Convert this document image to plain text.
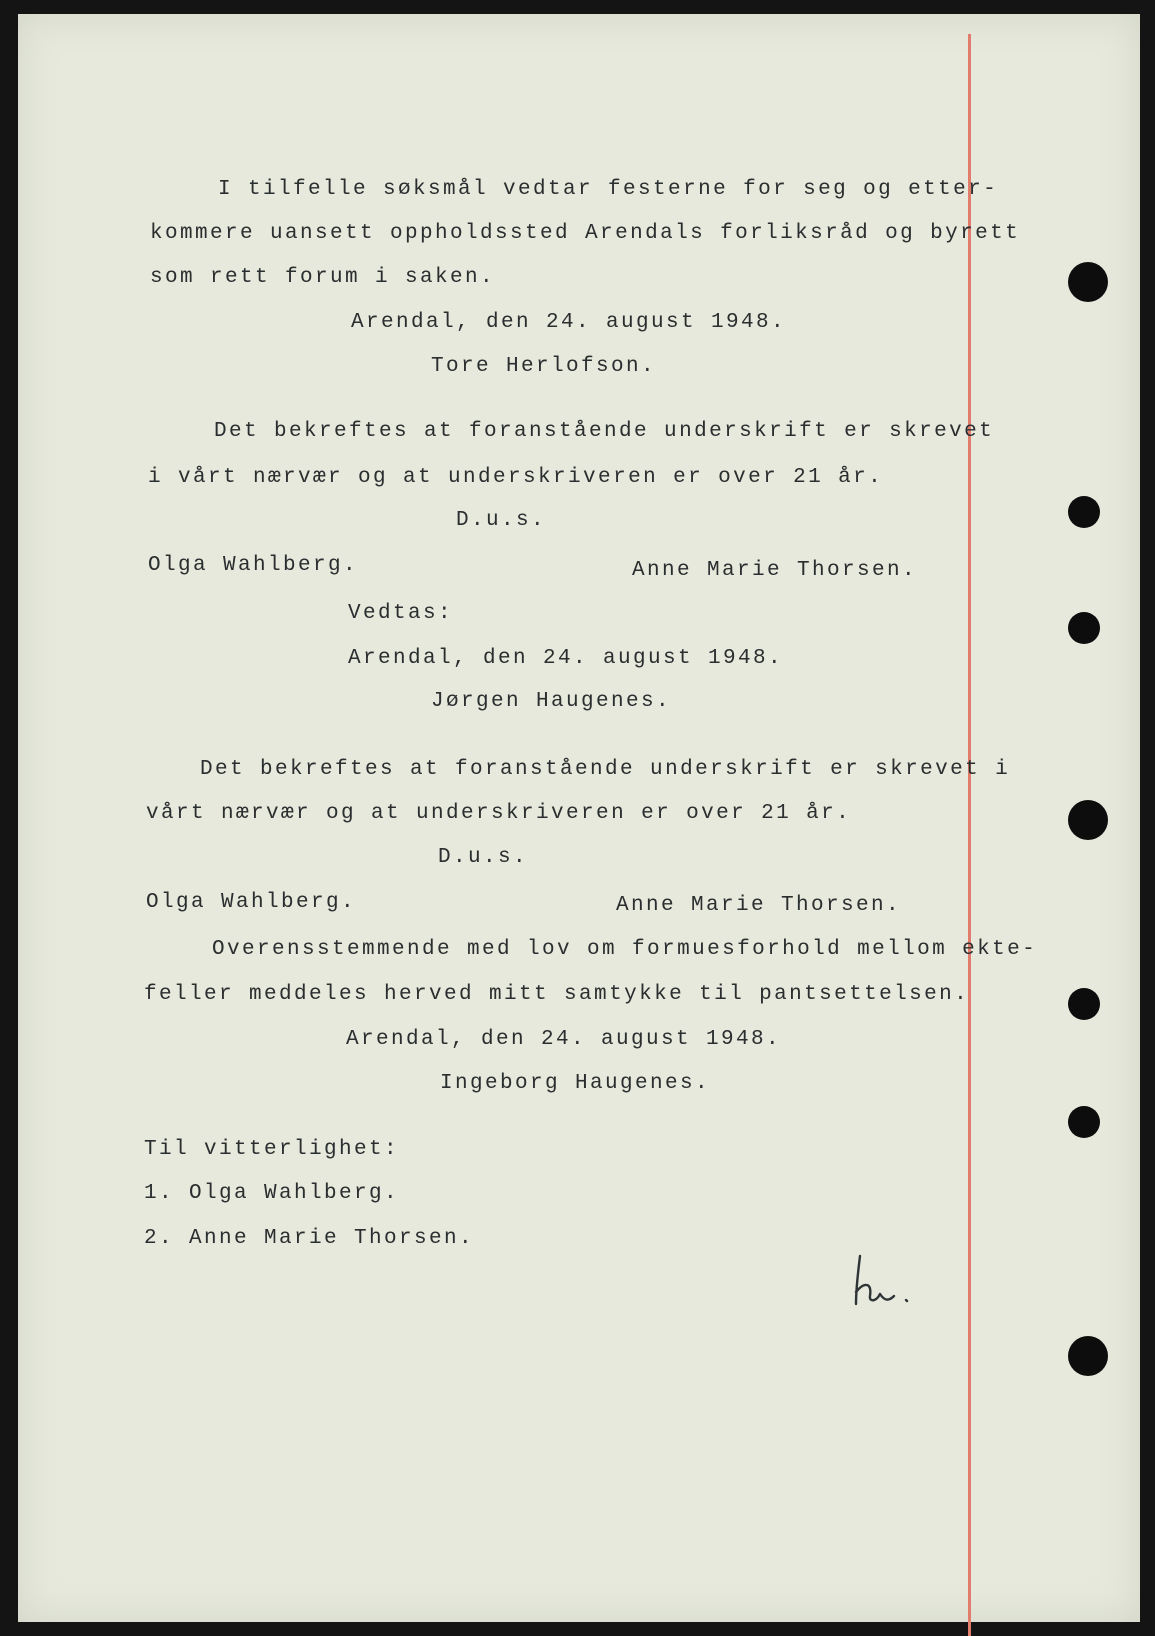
I tilfelle søksmål vedtar festerne for seg og etter-
kommere uansett oppholdssted Arendals forliksråd og byrett
som rett forum i saken.
Arendal, den 24. august 1948.
Tore Herlofson.
Det bekreftes at foranstående underskrift er skrevet
i vårt nærvær og at underskriveren er over 21 år.
D.u.s.
Olga Wahlberg.	Anne Marie Thorsen.
Vedtas:
Arendal, den 24. august 1948.
Jørgen Haugenes.
Det bekreftes at foranstående underskrift er skrevet i
vårt nærvær og at underskriveren er over 21 år.
D.u.s.
Olga Wahlberg.	Anne Marie Thorsen.
Overensstemmende med lov om formuesforhold mellom ekte-
feller meddeles herved mitt samtykke til pantsettelsen.
Arendal, den 24. august 1948.
Ingeborg Haugenes.
Til vitterlighet:
1. Olga Wahlberg.
2. Anne Marie Thorsen.
